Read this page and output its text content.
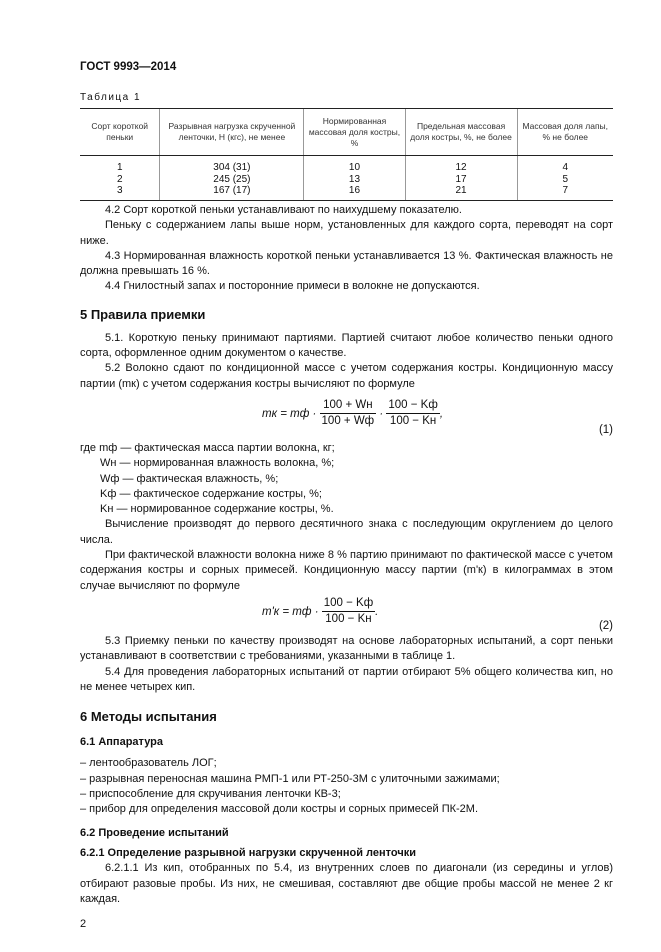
ГОСТ 9993—2014
Таблица 1
Сорт короткой пеньки	Разрывная нагрузка скрученной ленточки, Н (кгс), не менее	Нормированная массовая доля костры, %	Предельная массовая доля костры, %, не более	Массовая доля лапы, % не более
1	304 (31)	10	12	4
2	245 (25)	13	17	5
3	167 (17)	16	21	7

4.2 Сорт короткой пеньки устанавливают по наихудшему показателю.

Пеньку с содержанием лапы выше норм, установленных для каждого сорта, переводят на сорт ниже.

4.3 Нормированная влажность короткой пеньки устанавливается 13 %. Фактическая влажность не должна превышать 16 %.

4.4 Гнилостный запах и посторонние примеси в волокне не допускаются.

5 Правила приемки

5.1. Короткую пеньку принимают партиями. Партией считают любое количество пеньки одного сорта, оформленное одним документом о качестве.

5.2 Волокно сдают по кондиционной массе с учетом содержания костры. Кондиционную массу партии (mк) с учетом содержания костры вычисляют по формуле

mк = mф · $\frac{100 + Wн}{100 + Wф} \cdot \frac{100 - Kф}{100 - Kн}$ ,
(1)
где mф — фактическая масса партии волокна, кг;
Wн — нормированная влажность волокна, %;
Wф — фактическая влажность, %;
Kф — фактическое содержание костры, %;
Kн — нормированное содержание костры, %.

Вычисление производят до первого десятичного знака с последующим округлением до целого числа.

При фактической влажности волокна ниже 8 % партию принимают по фактической массе с учетом содержания костры и сорных примесей. Кондиционную массу партии (m'к) в килограммах в этом случае вычисляют по формуле

m'к = mф · $\frac{100 - Kф}{100 - Kн}$ .
(2)

5.3 Приемку пеньки по качеству производят на основе лабораторных испытаний, а сорт пеньки устанавливают в соответствии с требованиями, указанными в таблице 1.

5.4 Для проведения лабораторных испытаний от партии отбирают 5% общего количества кип, но не менее четырех кип.

6 Методы испытания
6.1 Аппаратура
– лентообразователь ЛОГ;
– разрывная переносная машина РМП-1 или РТ-250-3М с улиточными зажимами;
– приспособление для скручивания ленточки КВ-3;
– прибор для определения массовой доли костры и сорных примесей ПК-2М.
6.2 Проведение испытаний
6.2.1 Определение разрывной нагрузки скрученной ленточки

6.2.1.1 Из кип, отобранных по 5.4, из внутренних слоев по диагонали (из середины и углов) отбирают разовые пробы. Из них, не смешивая, составляют две общие пробы массой не менее 2 кг каждая.

2
